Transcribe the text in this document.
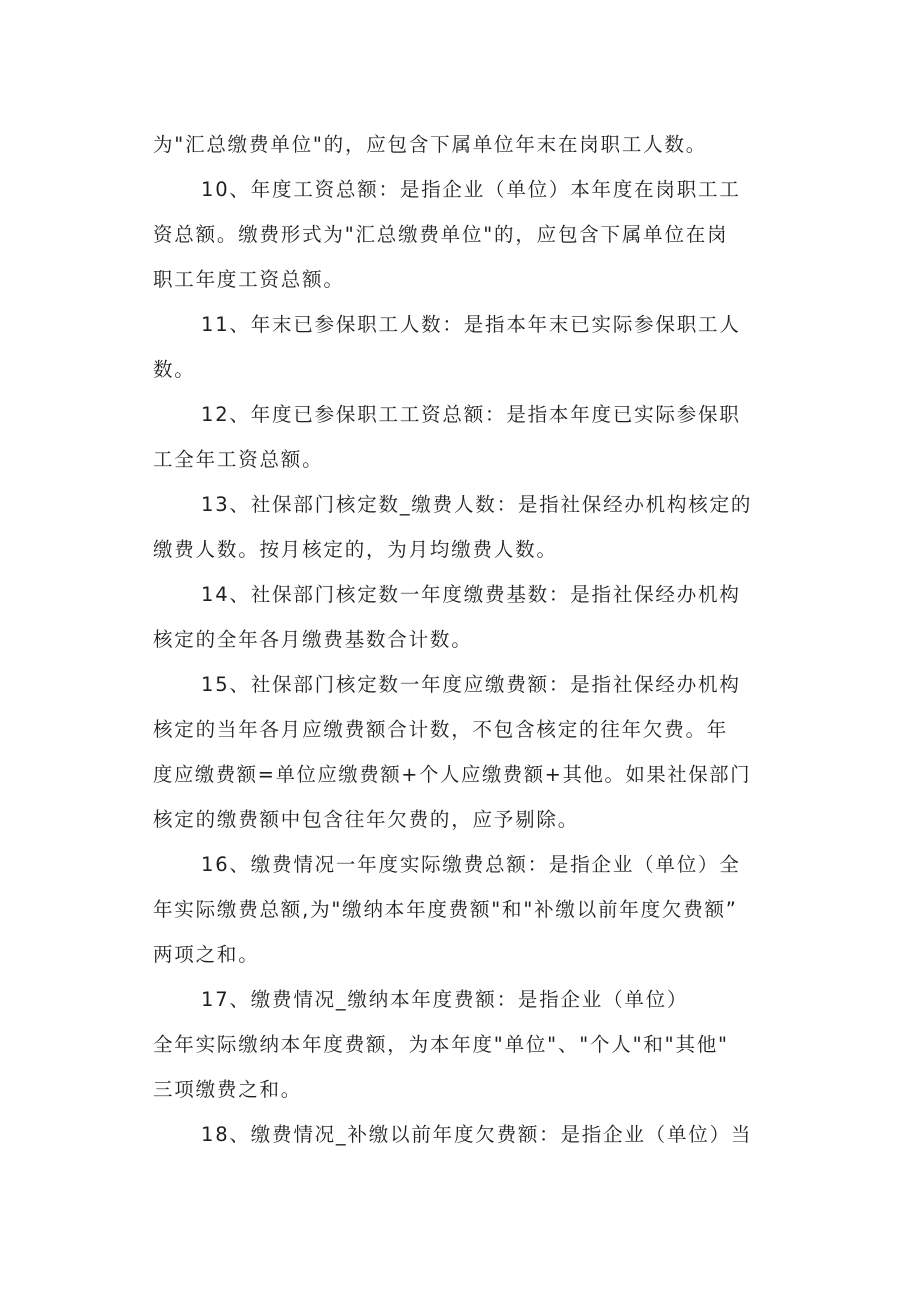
为"汇总缴费单位"的，应包含下属单位年末在岗职工人数。
10、年度工资总额：是指企业（单位）本年度在岗职工工
资总额。缴费形式为"汇总缴费单位"的，应包含下属单位在岗
职工年度工资总额。
11、年末已参保职工人数：是指本年末已实际参保职工人
数。
12、年度已参保职工工资总额：是指本年度已实际参保职
工全年工资总额。
13、社保部门核定数_缴费人数：是指社保经办机构核定的
缴费人数。按月核定的，为月均缴费人数。
14、社保部门核定数一年度缴费基数：是指社保经办机构
核定的全年各月缴费基数合计数。
15、社保部门核定数一年度应缴费额：是指社保经办机构
核定的当年各月应缴费额合计数，不包含核定的往年欠费。年
度应缴费额=单位应缴费额+个人应缴费额+其他。如果社保部门
核定的缴费额中包含往年欠费的，应予剔除。
16、缴费情况一年度实际缴费总额：是指企业（单位）全
年实际缴费总额,为"缴纳本年度费额"和"补缴以前年度欠费额”
两项之和。
17、缴费情况_缴纳本年度费额：是指企业（单位）
全年实际缴纳本年度费额，为本年度"单位"、"个人"和"其他"
三项缴费之和。
18、缴费情况_补缴以前年度欠费额：是指企业（单位）当
